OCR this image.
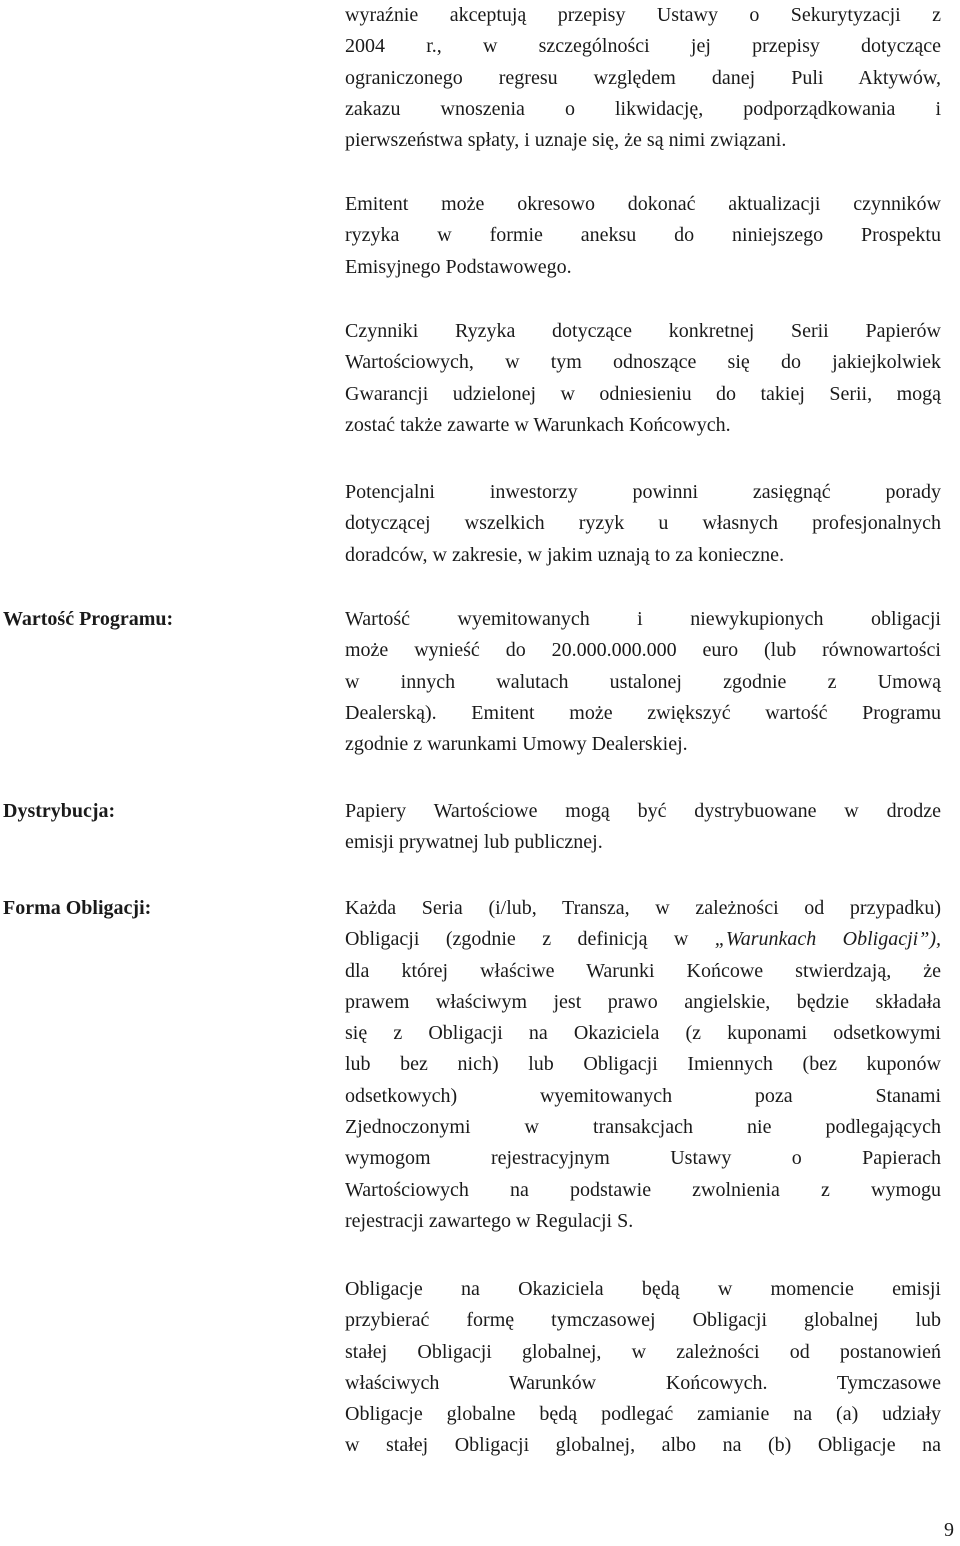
wyraźnie akceptują przepisy Ustawy o Sekurytyzacji z
2004 r., w szczególności jej przepisy dotyczące
ograniczonego regresu względem danej Puli Aktywów,
zakazu wnoszenia o likwidację, podporządkowania i
pierwszeństwa spłaty, i uznaje się, że są nimi związani.
Emitent może okresowo dokonać aktualizacji czynników
ryzyka w formie aneksu do niniejszego Prospektu
Emisyjnego Podstawowego.
Czynniki Ryzyka dotyczące konkretnej Serii Papierów
Wartościowych, w tym odnoszące się do jakiejkolwiek
Gwarancji udzielonej w odniesieniu do takiej Serii, mogą
zostać także zawarte w Warunkach Końcowych.
Potencjalni inwestorzy powinni zasięgnąć porady
dotyczącej wszelkich ryzyk u własnych profesjonalnych
doradców, w zakresie, w jakim uznają to za konieczne.

Wartość Programu:	Wartość wyemitowanych i niewykupionych obligacji
może wynieść do 20.000.000.000 euro (lub równowartości
w innych walutach ustalonej zgodnie z Umową
Dealerską). Emitent może zwiększyć wartość Programu
zgodnie z warunkami Umowy Dealerskiej.

Dystrybucja:	Papiery Wartościowe mogą być dystrybuowane w drodze
emisji prywatnej lub publicznej.

Forma Obligacji:	Każda Seria (i/lub, Transza, w zależności od przypadku)
Obligacji (zgodnie z definicją w „Warunkach Obligacji”),
dla której właściwe Warunki Końcowe stwierdzają, że
prawem właściwym jest prawo angielskie, będzie składała
się z Obligacji na Okaziciela (z kuponami odsetkowymi
lub bez nich) lub Obligacji Imiennych (bez kuponów
odsetkowych) wyemitowanych poza Stanami
Zjednoczonymi w transakcjach nie podlegających
wymogom rejestracyjnym Ustawy o Papierach
Wartościowych na podstawie zwolnienia z wymogu
rejestracji zawartego w Regulacji S.
Obligacje na Okaziciela będą w momencie emisji
przybierać formę tymczasowej Obligacji globalnej lub
stałej Obligacji globalnej, w zależności od postanowień
właściwych Warunków Końcowych. Tymczasowe
Obligacje globalne będą podlegać zamianie na (a) udziały
w stałej Obligacji globalnej, albo na (b) Obligacje na

9
